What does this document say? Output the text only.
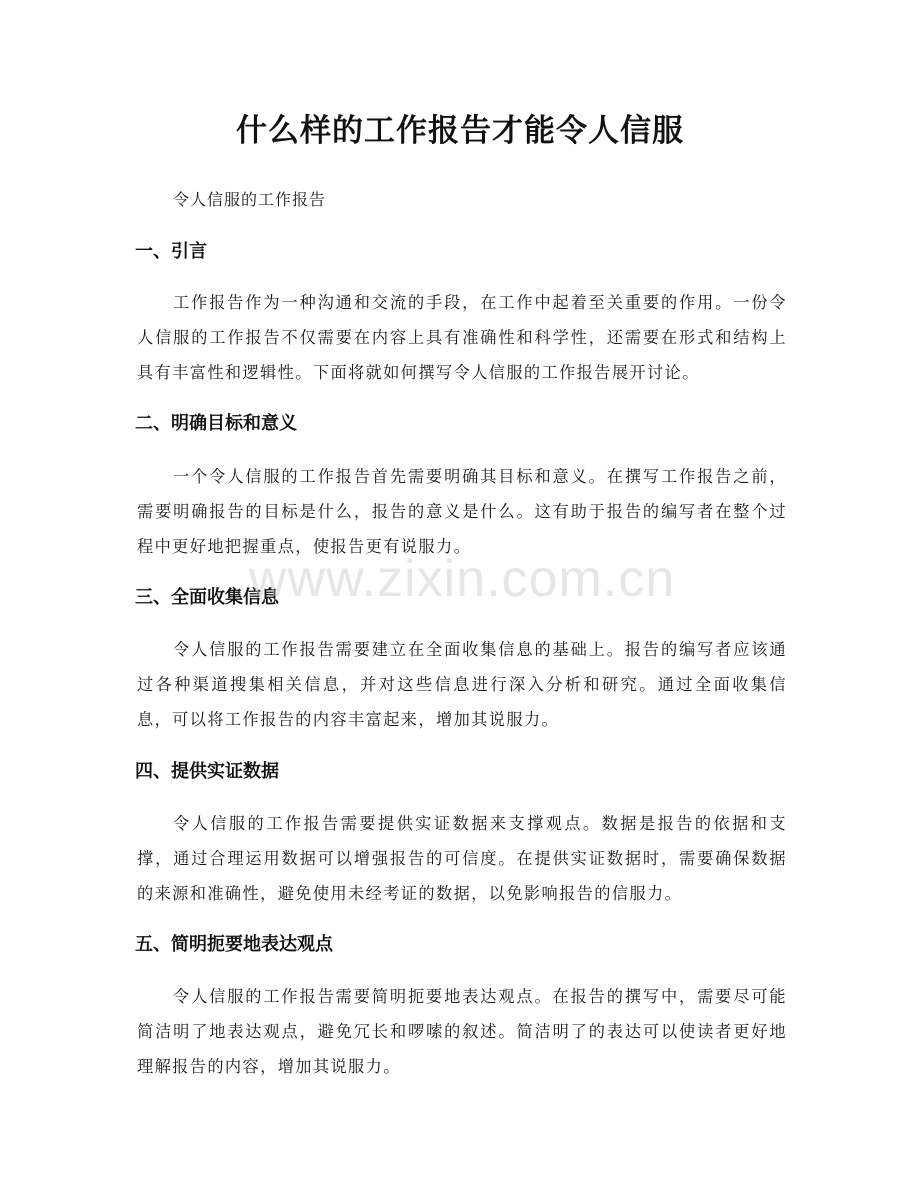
什么样的工作报告才能令人信服
令人信服的工作报告
一、引言
工作报告作为一种沟通和交流的手段，在工作中起着至关重要的作用。一份令人信服的工作报告不仅需要在内容上具有准确性和科学性，还需要在形式和结构上具有丰富性和逻辑性。下面将就如何撰写令人信服的工作报告展开讨论。
二、明确目标和意义
一个令人信服的工作报告首先需要明确其目标和意义。在撰写工作报告之前，需要明确报告的目标是什么，报告的意义是什么。这有助于报告的编写者在整个过程中更好地把握重点，使报告更有说服力。
三、全面收集信息
令人信服的工作报告需要建立在全面收集信息的基础上。报告的编写者应该通过各种渠道搜集相关信息，并对这些信息进行深入分析和研究。通过全面收集信息，可以将工作报告的内容丰富起来，增加其说服力。
四、提供实证数据
令人信服的工作报告需要提供实证数据来支撑观点。数据是报告的依据和支撑，通过合理运用数据可以增强报告的可信度。在提供实证数据时，需要确保数据的来源和准确性，避免使用未经考证的数据，以免影响报告的信服力。
五、简明扼要地表达观点
令人信服的工作报告需要简明扼要地表达观点。在报告的撰写中，需要尽可能简洁明了地表达观点，避免冗长和啰嗦的叙述。简洁明了的表达可以使读者更好地理解报告的内容，增加其说服力。
www.zixin.com.cn
